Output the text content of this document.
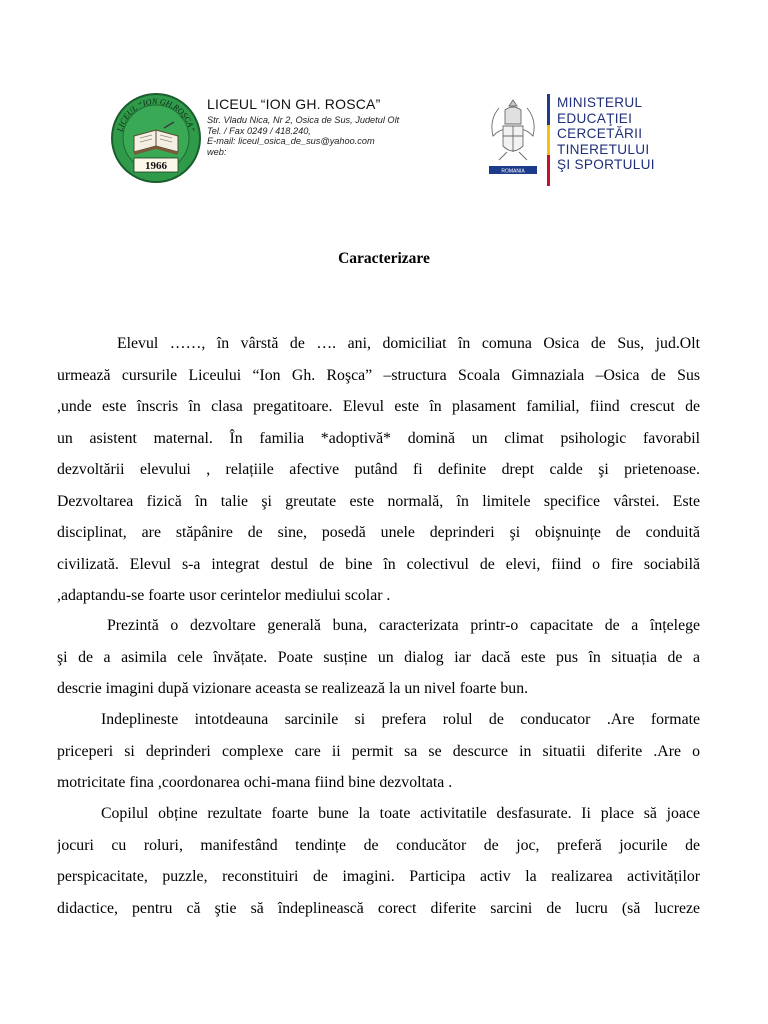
LICEUL “ION GH.ROŞCA”
1966
LICEUL “ION GH. ROSCA”
Str. Vladu Nica, Nr 2, Osica de Sus, Judetul Olt
Tel. / Fax 0249 / 418.240,
E-mail: liceul_osica_de_sus@yahoo.com
web:
ROMANIA
MINISTERUL
EDUCAŢIEI
CERCETĂRII
TINERETULUI
ŞI SPORTULUI
Caracterizare
Elevul ……, în vârstă de …. ani, domiciliat în comuna Osica de Sus, jud.Olt
urmează cursurile Liceului “Ion Gh. Roşca” –structura Scoala Gimnaziala –Osica de Sus
,unde este înscris în clasa pregatitoare. Elevul este în plasament familial, fiind crescut de
un asistent maternal. În familia *adoptivă* domină un climat psihologic favorabil
dezvoltării elevului , relațiile afective putând fi definite drept calde şi prietenoase.
Dezvoltarea fizică în talie şi greutate este normală, în limitele specifice vârstei. Este
disciplinat, are stăpânire de sine, posedă unele deprinderi şi obişnuințe de conduită
civilizată. Elevul s-a integrat destul de bine în colectivul de elevi, fiind o fire sociabilă
,adaptandu-se foarte usor cerintelor mediului scolar .
Prezintă o dezvoltare generală buna, caracterizata printr-o capacitate de a înțelege
şi de a asimila cele învățate. Poate susține un dialog iar dacă este pus în situația de a
descrie imagini după vizionare aceasta se realizează la un nivel foarte bun.
Indeplineste intotdeauna sarcinile si prefera rolul de conducator .Are formate
priceperi si deprinderi complexe care ii permit sa se descurce in situatii diferite .Are o
motricitate fina ,coordonarea ochi-mana fiind bine dezvoltata .
Copilul obține rezultate foarte bune la toate activitatile desfasurate. Ii place să joace
jocuri cu roluri, manifestând tendințe de conducător de joc, preferă jocurile de
perspicacitate, puzzle, reconstituiri de imagini. Participa activ la realizarea activităților
didactice, pentru că ştie să îndeplinească corect diferite sarcini de lucru (să lucreze
